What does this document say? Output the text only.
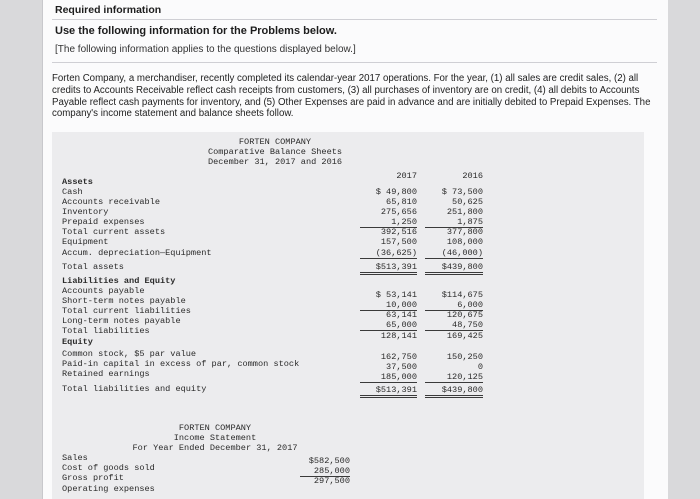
Required information
Use the following information for the Problems below.
[The following information applies to the questions displayed below.]
Forten Company, a merchandiser, recently completed its calendar-year 2017 operations. For the year, (1) all sales are credit sales, (2) all credits to Accounts Receivable reflect cash receipts from customers, (3) all purchases of inventory are on credit, (4) all debits to Accounts Payable reflect cash payments for inventory, and (5) Other Expenses are paid in advance and are initially debited to Prepaid Expenses. The company's income statement and balance sheets follow.
FORTEN COMPANY
Comparative Balance Sheets
December 31, 2017 and 2016
2017	2016
Assets
Cash	$ 49,800	$ 73,500
Accounts receivable	65,810	50,625
Inventory	275,656	251,800
Prepaid expenses	1,250	1,875
Total current assets	392,516	377,800
Equipment	157,500	108,000
Accum. depreciation—Equipment	(36,625)	(46,000)
Total assets	$513,391	$439,800
Liabilities and Equity
Accounts payable	$ 53,141	$114,675
Short-term notes payable	10,000	6,000
Total current liabilities	63,141	120,675
Long-term notes payable	65,000	48,750
Total liabilities	128,141	169,425
Equity
Common stock, $5 par value	162,750	150,250
Paid-in capital in excess of par, common stock	37,500	0
Retained earnings	185,000	120,125
Total liabilities and equity	$513,391	$439,800
FORTEN COMPANY
Income Statement
For Year Ended December 31, 2017
Sales	$582,500
Cost of goods sold	285,000
Gross profit	297,500
Operating expenses
